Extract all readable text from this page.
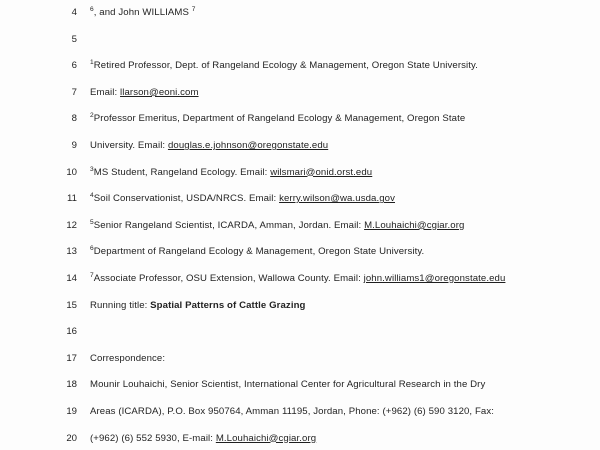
4 $^6$, and John WILLIAMS $^7$
5
6 $^1$Retired Professor, Dept. of Rangeland Ecology & Management, Oregon State University.
7 Email: llarson@eoni.com
8 $^2$Professor Emeritus, Department of Rangeland Ecology & Management, Oregon State
9 University. Email: douglas.e.johnson@oregonstate.edu
10 $^3$MS Student, Rangeland Ecology. Email: wilsmari@onid.orst.edu
11 $^4$Soil Conservationist, USDA/NRCS. Email: kerry.wilson@wa.usda.gov
12 $^5$Senior Rangeland Scientist, ICARDA, Amman, Jordan. Email: M.Louhaichi@cgiar.org
13 $^6$Department of Rangeland Ecology & Management, Oregon State University.
14 $^7$Associate Professor, OSU Extension, Wallowa County. Email: john.williams1@oregonstate.edu
15 Running title: Spatial Patterns of Cattle Grazing
16
17 Correspondence:
18 Mounir Louhaichi, Senior Scientist, International Center for Agricultural Research in the Dry
19 Areas (ICARDA), P.O. Box 950764, Amman 11195, Jordan, Phone: (+962) (6) 590 3120, Fax:
20 (+962) (6) 552 5930, E-mail: M.Louhaichi@cgiar.org
